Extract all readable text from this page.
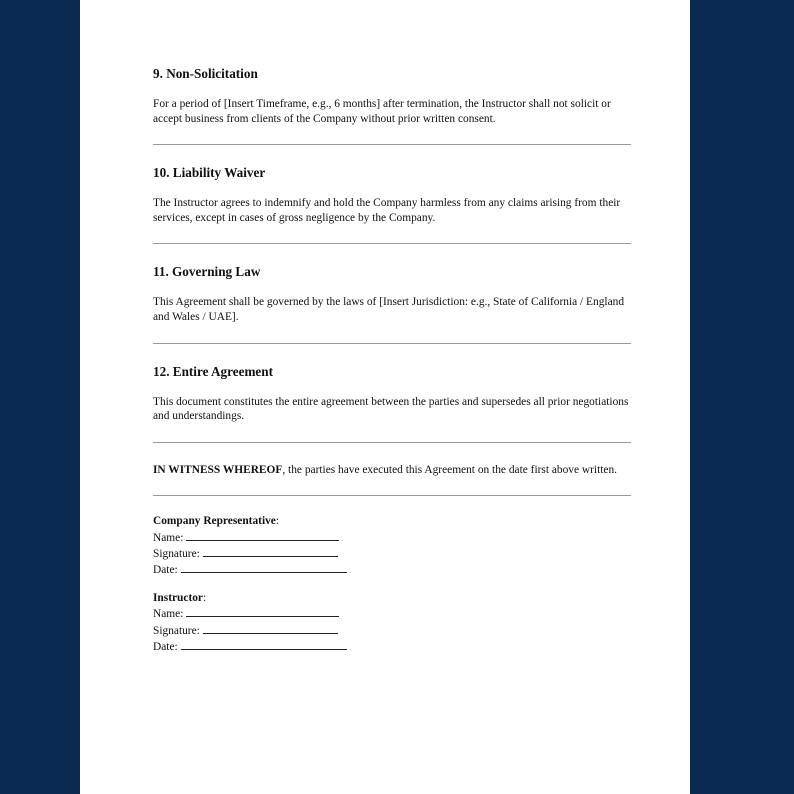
9. Non-Solicitation

For a period of [Insert Timeframe, e.g., 6 months] after termination, the Instructor shall not solicit or accept business from clients of the Company without prior written consent.

10. Liability Waiver

The Instructor agrees to indemnify and hold the Company harmless from any claims arising from their services, except in cases of gross negligence by the Company.

11. Governing Law

This Agreement shall be governed by the laws of [Insert Jurisdiction: e.g., State of California / England and Wales / UAE].

12. Entire Agreement

This document constitutes the entire agreement between the parties and supersedes all prior negotiations and understandings.

IN WITNESS WHEREOF, the parties have executed this Agreement on the date first above written.

Company Representative:
Name:
Signature:
Date:
Instructor:
Name:
Signature:
Date:
